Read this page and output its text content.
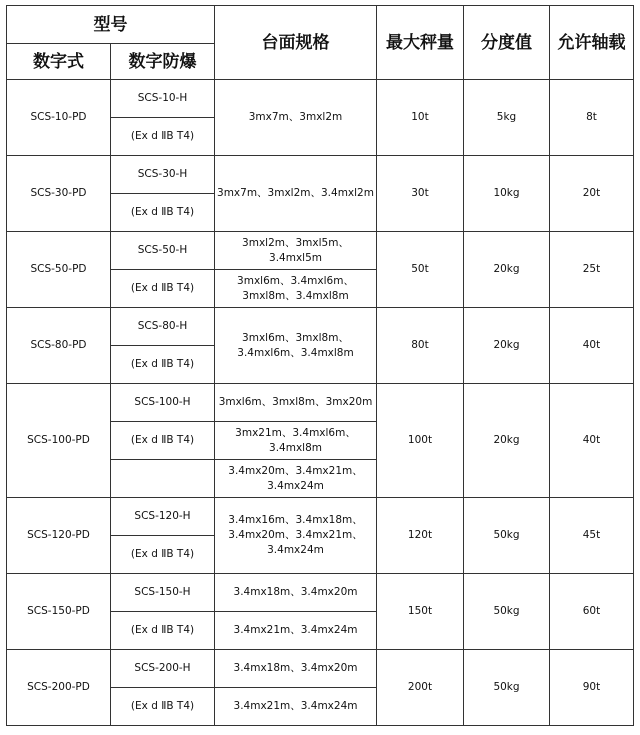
型号		台面规格	最大秤量	分度值	允许轴载
数字式	数字防爆				
SCS-10-PD	SCS-10-H	3mx7m、3mxl2m	10t	5kg	8t
	(Ex d ⅡB T4)				
SCS-30-PD	SCS-30-H	3mx7m、3mxl2m、3.4mxl2m	30t	10kg	20t
	(Ex d ⅡB T4)				
SCS-50-PD	SCS-50-H	3mxl2m、3mxl5m、3.4mxl5m	50t	20kg	25t
	(Ex d ⅡB T4)	3mxl6m、3.4mxl6m、3mxl8m、3.4mxl8m			
SCS-80-PD	SCS-80-H	3mxl6m、3mxl8m、3.4mxl6m、3.4mxl8m	80t	20kg	40t
	(Ex d ⅡB T4)				
SCS-100-PD	SCS-100-H	3mxl6m、3mxl8m、3mx20m	100t	20kg	40t
	(Ex d ⅡB T4)	3mx21m、3.4mxl6m、3.4mxl8m			
		3.4mx20m、3.4mx21m、3.4mx24m			
SCS-120-PD	SCS-120-H	3.4mx16m、3.4mx18m、3.4mx20m、3.4mx21m、3.4mx24m	120t	50kg	45t
	(Ex d ⅡB T4)				
SCS-150-PD	SCS-150-H	3.4mx18m、3.4mx20m	150t	50kg	60t
	(Ex d ⅡB T4)	3.4mx21m、3.4mx24m			
SCS-200-PD	SCS-200-H	3.4mx18m、3.4mx20m	200t	50kg	90t
	(Ex d ⅡB T4)	3.4mx21m、3.4mx24m			
